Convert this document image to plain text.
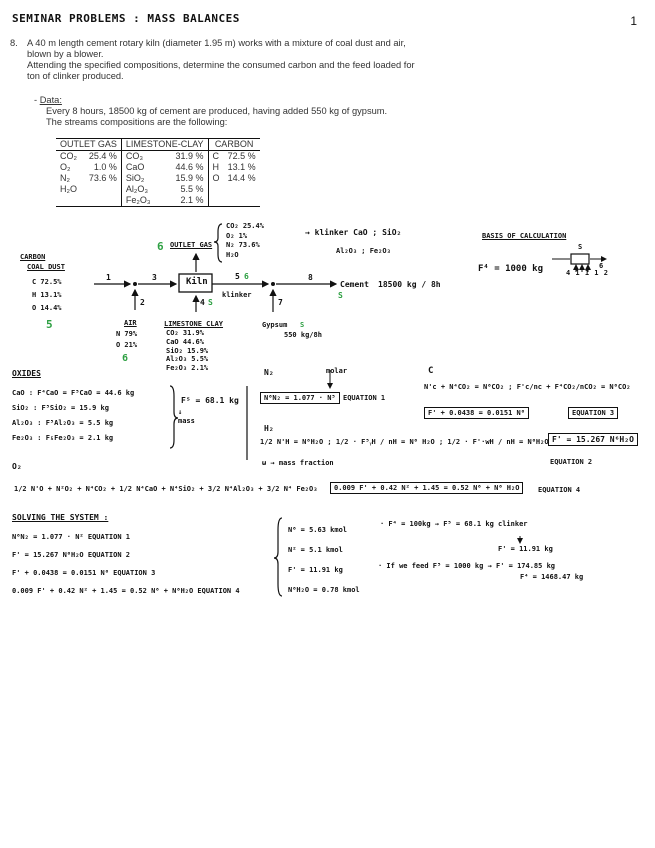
SEMINAR PROBLEMS : MASS BALANCES	1
8. A 40 m length cement rotary kiln (diameter 1.95 m) works with a mixture of coal dust and air,
blown by a blower.
Attending the specified compositions, determine the consumed carbon and the feed loaded for
ton of clinker produced.
- Data:
Every 8 hours, 18500 kg of cement are produced, having added 550 kg of gypsum.
The streams compositions are the following:
OUTLET GAS		LIMESTONE-CLAY		CARBON	
CO₂	25.4 %	CO₃	31.9 %	C	72.5 %
O₂	1.0 %	CaO	44.6 %	H	13.1 %
N₂	73.6 %	SiO₂	15.9 %	O	14.4 %
H₂O		Al₂O₃	5.5 %		
		Fe₂O₃	2.1 %		
CO₂ 25.4%
O₂ 1%
N₂ 73.6%
H₂O
→ klinker CaO ; SiO₂
Al₂O₃ ; Fe₂O₃
6 OUTLET GAS
CARBON
COAL DUST
C 72.5%
H 13.1%
O 14.4%
5
1
2
3	Kiln
4 S
5 6
7
8
klinker
Cement
S
18500 kg / 8h
AIR
N 79%
O 21%
6
LIMESTONE CLAY
CO₂ 31.9%
CaO 44.6%
SiO₂ 15.9%
Al₂O₃ 5.5%
Fe₂O₃ 2.1%
Gypsum S
550 kg/8h
BASIS OF CALCULATION
F⁴ = 1000 kg
S
4 1 1 1 2
6
OXIDES
CaO : F⁴CaO = F⁵CaO = 44.6 kg
SiO₂ : F⁵SiO₂ = 15.9 kg
Al₂O₃ : F⁵Al₂O₃ = 5.5 kg
Fe₂O₃ : F₅Fe₂O₃ = 2.1 kg
F⁵ = 68.1 kg
↓ mass
N₂	molar
N⁶N₂ = 1.077 · N⁵	EQUATION 1
H₂
1/2 N'H = N⁶H₂O ; 1/2 · F⁵ᵧH / nH = N⁶ H₂O ; 1/2 · F'·wH / nH = N⁶H₂O
ω → mass fraction
F' = 15.267 N⁶H₂O
EQUATION 2
C
N'c + N⁴CO₂ = N⁶CO₂ ; F'c/nc + F⁴CO₂/nCO₂ = N⁶CO₂
F' + 0.0438 = 0.0151 N⁶	EQUATION 3
O₂
1/2 N'O + N²O₂ + N⁴CO₂ + 1/2 N⁴CaO + N⁴SiO₂ + 3/2 N⁴Al₂O₃ + 3/2 N⁴ Fe₂O₃	0.009 F' + 0.42 N² + 1.45 = 0.52 N⁶ + N⁶ H₂O	EQUATION 4
SOLVING THE SYSTEM :
N⁶N₂ = 1.077 · N² EQUATION 1
F' = 15.267 N⁶H₂O EQUATION 2
F' + 0.0438 = 0.0151 N⁶ EQUATION 3
0.009 F' + 0.42 N² + 1.45 = 0.52 N⁶ + N⁶H₂O EQUATION 4
N⁶ = 5.63 kmol
N² = 5.1 kmol
F' = 11.91 kg
N⁶H₂O = 0.78 kmol
· F⁴ = 100kg → F⁵ = 68.1 kg clinker
F' = 11.91 kg
· If we feed F⁵ = 1000 kg → F' = 174.85 kg
F⁴ = 1468.47 kg
